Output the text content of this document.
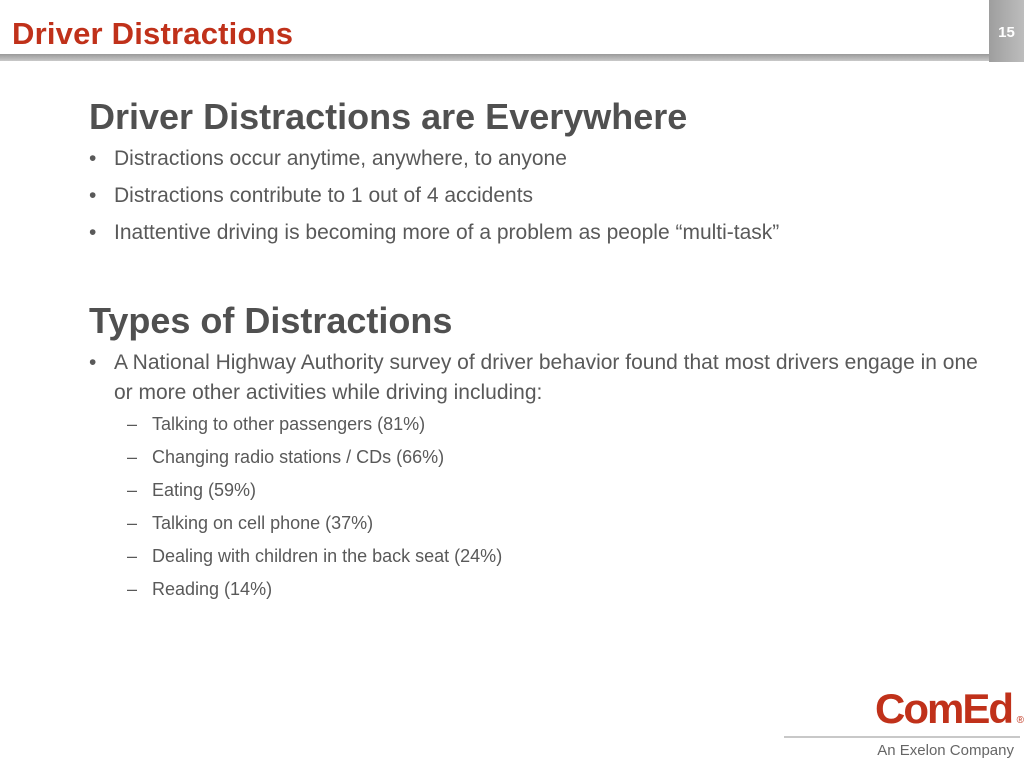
Driver Distractions	15
Driver Distractions are Everywhere
• Distractions occur anytime, anywhere, to anyone
• Distractions contribute to 1 out of 4 accidents
• Inattentive driving is becoming more of a problem as people “multi-task”
Types of Distractions
• A National Highway Authority survey of driver behavior found that most drivers engage in one or more other activities while driving including:
– Talking to other passengers (81%)
– Changing radio stations / CDs (66%)
– Eating (59%)
– Talking on cell phone (37%)
– Dealing with children in the back seat (24%)
– Reading (14%)
ComEd ®
An Exelon Company
